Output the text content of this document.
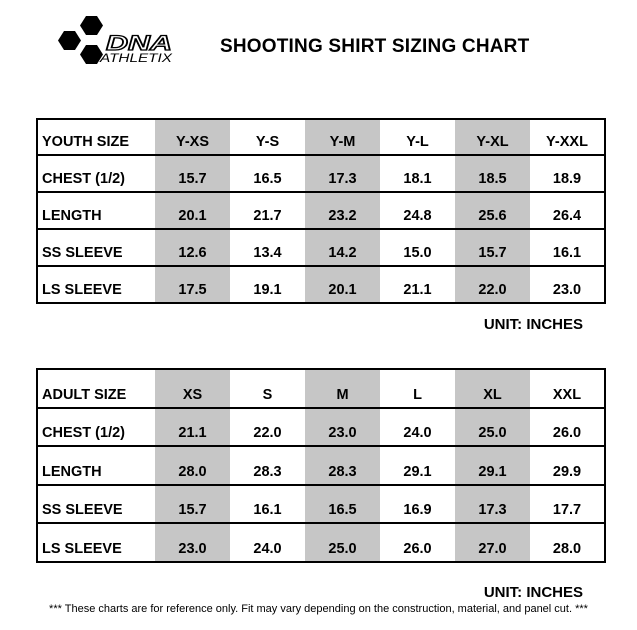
DNA
ATHLETIX
SHOOTING SHIRT SIZING CHART
YOUTH SIZE	Y-XS	Y-S	Y-M	Y-L	Y-XL	Y-XXL
CHEST (1/2)	15.7	16.5	17.3	18.1	18.5	18.9
LENGTH	20.1	21.7	23.2	24.8	25.6	26.4
SS SLEEVE	12.6	13.4	14.2	15.0	15.7	16.1
LS SLEEVE	17.5	19.1	20.1	21.1	22.0	23.0
UNIT: INCHES
ADULT SIZE	XS	S	M	L	XL	XXL
CHEST (1/2)	21.1	22.0	23.0	24.0	25.0	26.0
LENGTH	28.0	28.3	28.3	29.1	29.1	29.9
SS SLEEVE	15.7	16.1	16.5	16.9	17.3	17.7
LS SLEEVE	23.0	24.0	25.0	26.0	27.0	28.0
UNIT: INCHES
*** These charts are for reference only. Fit may vary depending on the construction, material, and panel cut. ***
